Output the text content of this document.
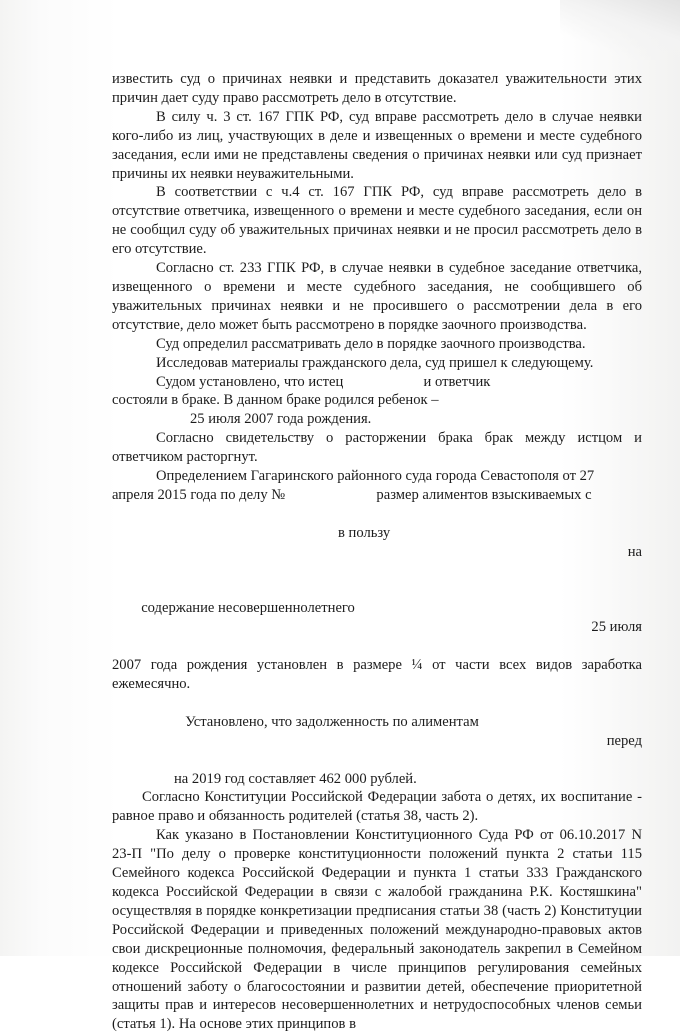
известить суд о причинах неявки и представить доказател уважительности этих причин дает суду право рассмотреть дело в отсутствие.

В силу ч. 3 ст. 167 ГПК РФ, суд вправе рассмотреть дело в случае неявки кого-либо из лиц, участвующих в деле и извещенных о времени и месте судебного заседания, если ими не представлены сведения о причинах неявки или суд признает причины их неявки неуважительными.

В соответствии с ч.4 ст. 167 ГПК РФ, суд вправе рассмотреть дело в отсутствие ответчика, извещенного о времени и месте судебного заседания, если он не сообщил суду об уважительных причинах неявки и не просил рассмотреть дело в его отсутствие.

Согласно ст. 233 ГПК РФ, в случае неявки в судебное заседание ответчика, извещенного о времени и месте судебного заседания, не сообщившего об уважительных причинах неявки и не просившего о рассмотрении дела в его отсутствие, дело может быть рассмотрено в порядке заочного производства.

Суд определил рассматривать дело в порядке заочного производства.

Исследовав материалы гражданского дела, суд пришел к следующему.

Судом установлено, что истец                      и ответчик
состояли в браке. В данном браке родился ребенок –
25 июля 2007 года рождения.

Согласно свидетельству о расторжении брака брак между истцом и ответчиком расторгнут.

Определением Гагаринского районного суда города Севастополя от 27
апреля 2015 года по делу №                         размер алиментов взыскиваемых с

в пользу

на

содержание несовершеннолетнего

25 июля

2007 года рождения установлен в размере ¼ от части всех видов заработка ежемесячно.

Установлено, что задолженность по алиментам

перед

на 2019 год составляет 462 000 рублей.

Согласно Конституции Российской Федерации забота о детях, их воспитание - равное право и обязанность родителей (статья 38, часть 2).

Как указано в Постановлении Конституционного Суда РФ от 06.10.2017 N 23-П "По делу о проверке конституционности положений пункта 2 статьи 115 Семейного кодекса Российской Федерации и пункта 1 статьи 333 Гражданского кодекса Российской Федерации в связи с жалобой гражданина Р.К. Костяшкина" осуществляя в порядке конкретизации предписания статьи 38 (часть 2) Конституции Российской Федерации и приведенных положений международно-правовых актов свои дискреционные полномочия, федеральный законодатель закрепил в Семейном кодексе Российской Федерации в числе принципов регулирования семейных отношений заботу о благосостоянии и развитии детей, обеспечение приоритетной защиты прав и интересов несовершеннолетних и нетрудоспособных членов семьи (статья 1). На основе этих принципов в
